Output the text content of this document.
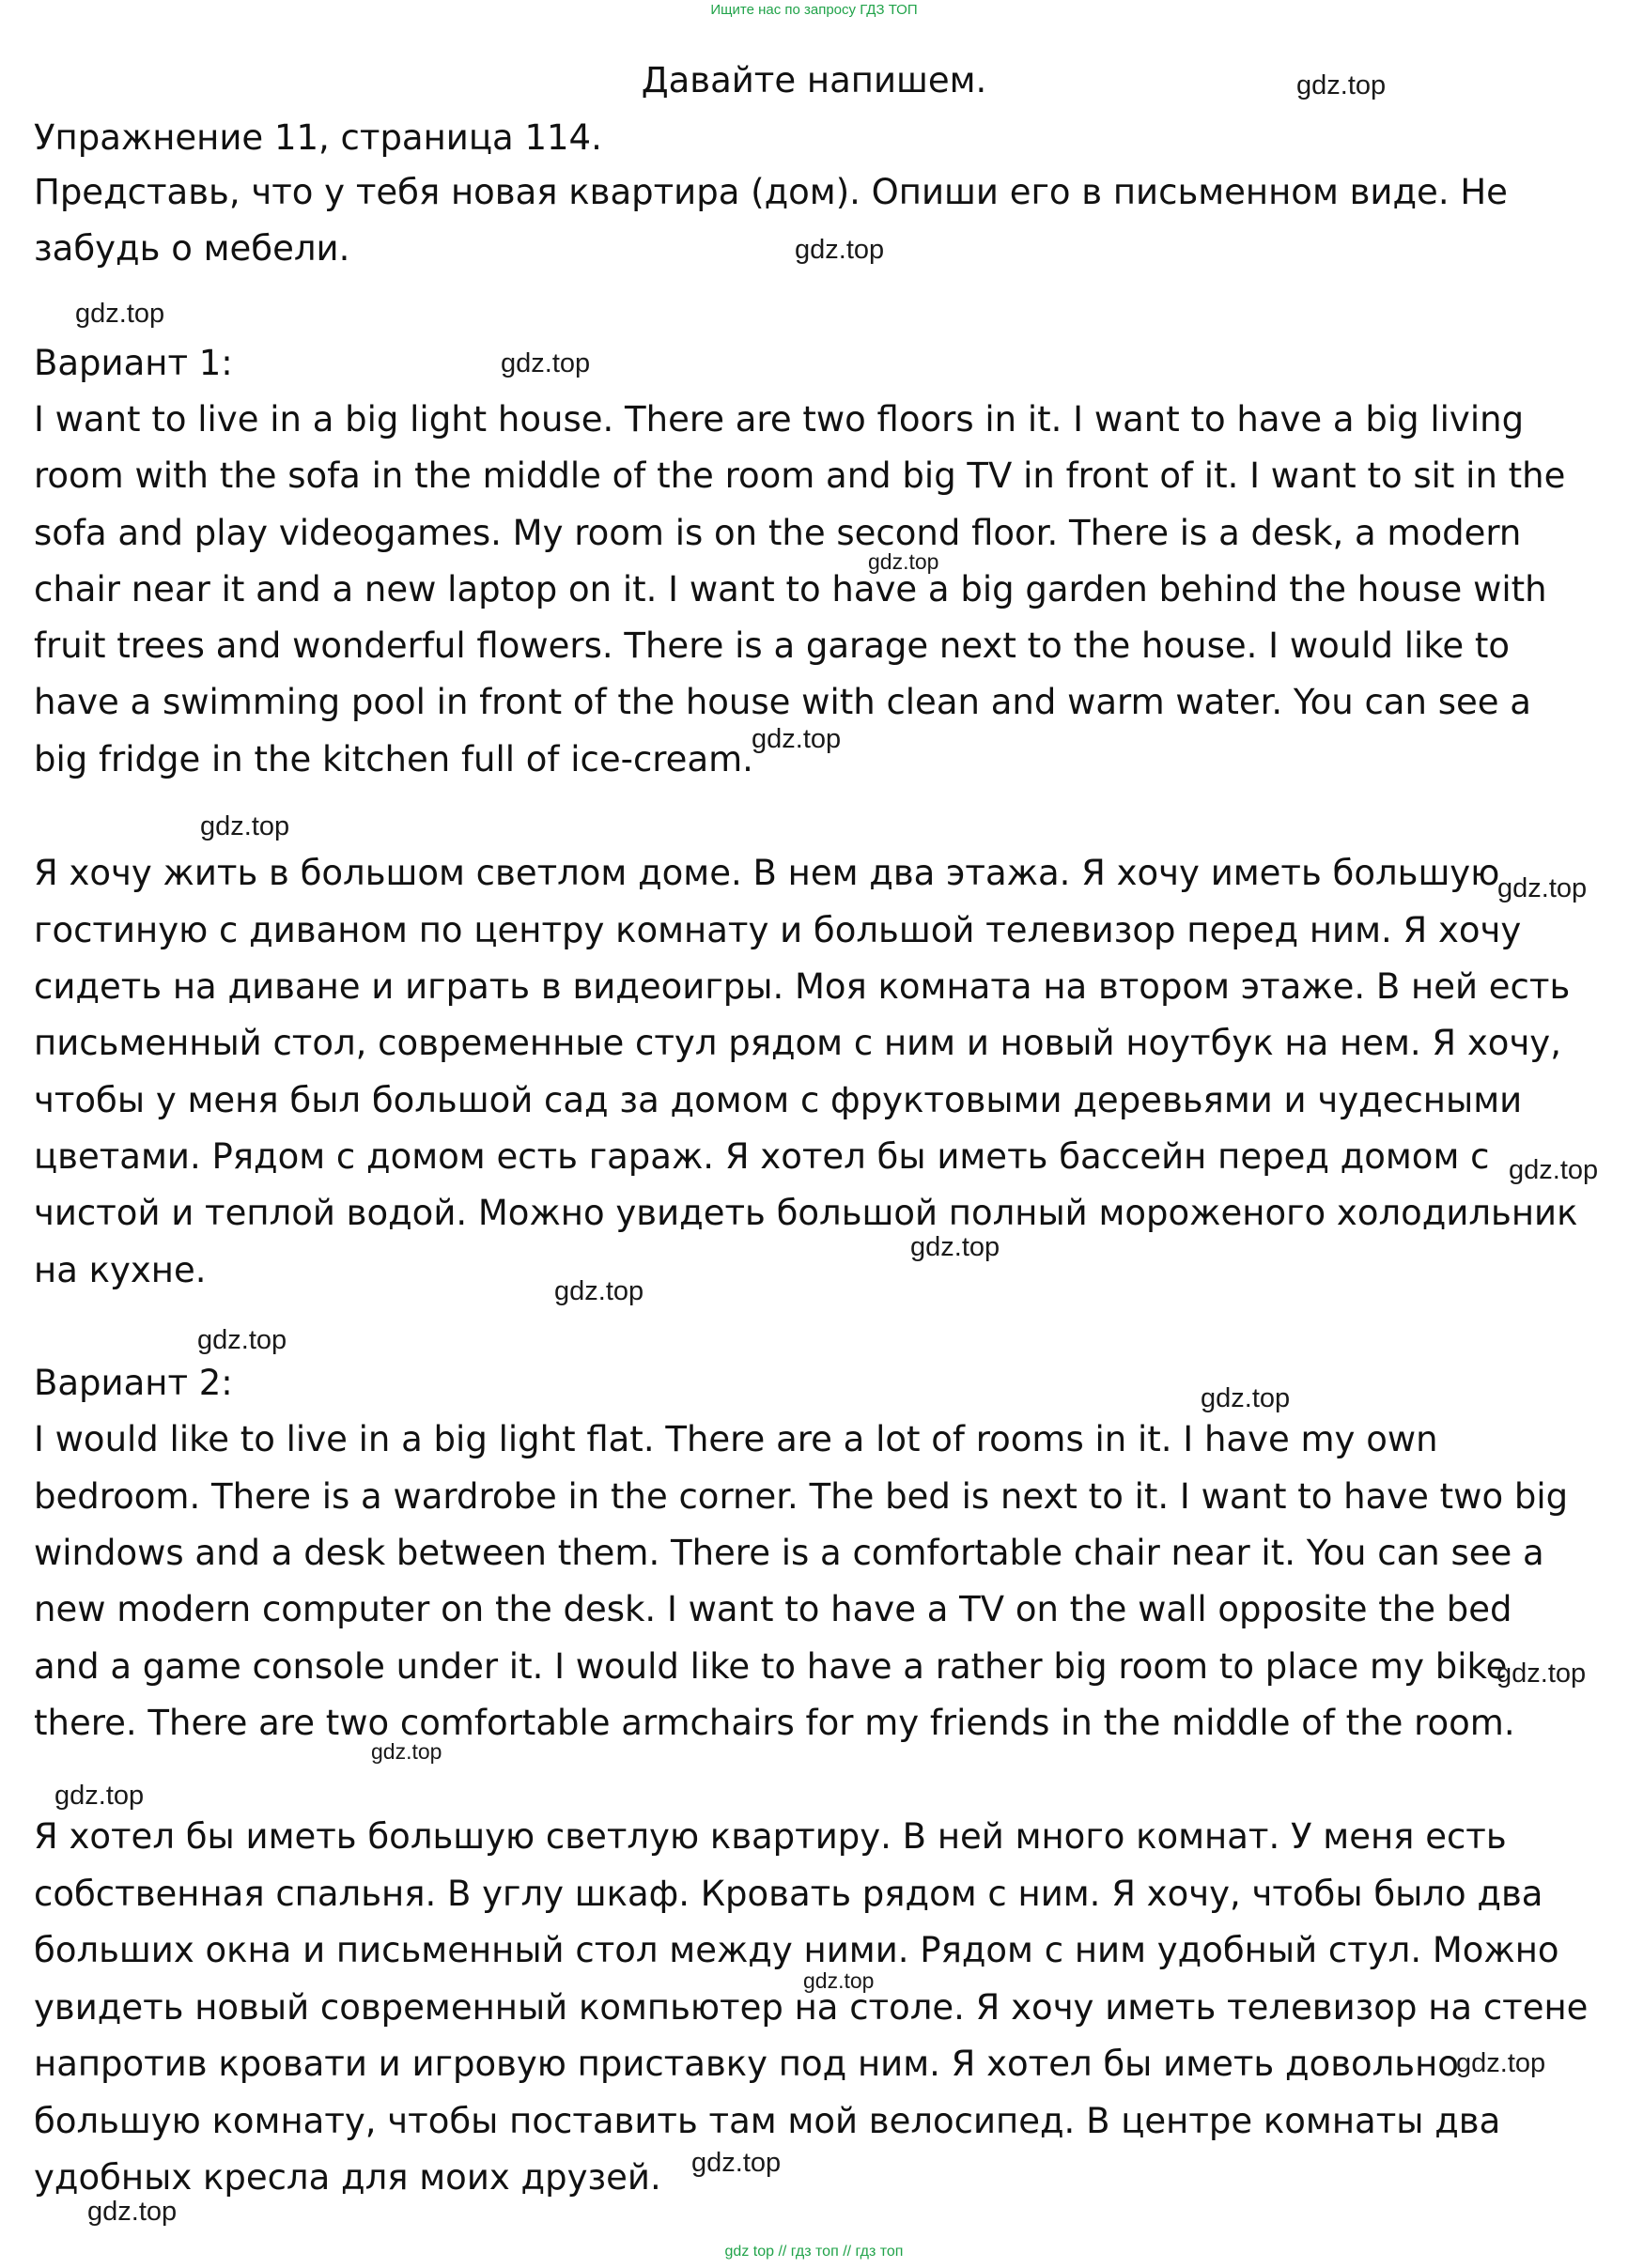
Ищите нас по запросу ГДЗ ТОП
Давайте напишем.
Упражнение 11, страница 114.
Представь, что у тебя новая квартира (дом). Опиши его в письменном виде. Не
забудь о мебели.
Вариант 1:
I want to live in a big light house. There are two floors in it. I want to have a big living
room with the sofa in the middle of the room and big TV in front of it. I want to sit in the
sofa and play videogames. My room is on the second floor. There is a desk, a modern
chair near it and a new laptop on it. I want to have a big garden behind the house with
fruit trees and wonderful flowers. There is a garage next to the house. I would like to
have a swimming pool in front of the house with clean and warm water. You can see a
big fridge in the kitchen full of ice-cream.
Я хочу жить в большом светлом доме. В нем два этажа. Я хочу иметь большую
гостиную с диваном по центру комнату и большой телевизор перед ним. Я хочу
сидеть на диване и играть в видеоигры. Моя комната на втором этаже. В ней есть
письменный стол, современные стул рядом с ним и новый ноутбук на нем. Я хочу,
чтобы у меня был большой сад за домом с фруктовыми деревьями и чудесными
цветами. Рядом с домом есть гараж. Я хотел бы иметь бассейн перед домом с
чистой и теплой водой. Можно увидеть большой полный мороженого холодильник
на кухне.
Вариант 2:
I would like to live in a big light flat. There are a lot of rooms in it. I have my own
bedroom. There is a wardrobe in the corner. The bed is next to it. I want to have two big
windows and a desk between them. There is a comfortable chair near it. You can see a
new modern computer on the desk. I want to have a TV on the wall opposite the bed
and a game console under it. I would like to have a rather big room to place my bike
there. There are two comfortable armchairs for my friends in the middle of the room.
Я хотел бы иметь большую светлую квартиру. В ней много комнат. У меня есть
собственная спальня. В углу шкаф. Кровать рядом с ним. Я хочу, чтобы было два
больших окна и письменный стол между ними. Рядом с ним удобный стул. Можно
увидеть новый современный компьютер на столе. Я хочу иметь телевизор на стене
напротив кровати и игровую приставку под ним. Я хотел бы иметь довольно
большую комнату, чтобы поставить там мой велосипед. В центре комнаты два
удобных кресла для моих друзей.
gdz.top
gdz.top
gdz.top
gdz.top
gdz.top
gdz.top
gdz.top
gdz.top
gdz.top
gdz.top
gdz.top
gdz.top
gdz.top
gdz.top
gdz.top
gdz.top
gdz.top
gdz.top
gdz.top
gdz.top
gdz top // гдз топ // гдз топ
